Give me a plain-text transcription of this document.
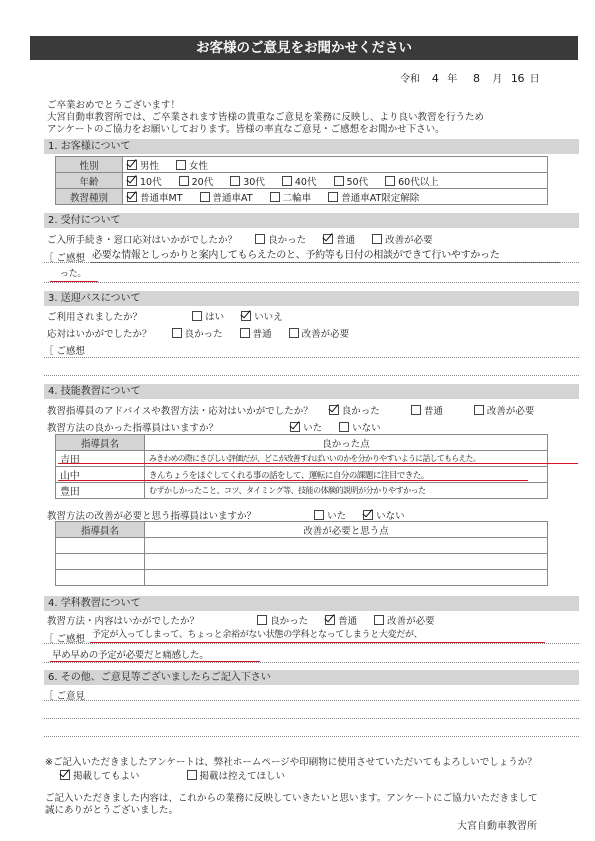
お客様のご意見をお聞かせください
令和 4 年 8 月 16 日
ご卒業おめでとうございます！
大宮自動車教習所では、ご卒業されます皆様の貴重なご意見を業務に反映し、より良い教習を行うため
アンケートのご協力をお願いしております。皆様の率直なご意見・ご感想をお聞かせ下さい。
1. お客様について
性別	男性 女性
年齢	10代 20代 30代 40代 50代 60代以上
教習種別	普通車MT 普通車AT 二輪車 普通車AT限定解除
2. 受付について
ご入所手続き・窓口応対はいかがでしたか？	良かった	普通	改善が必要
［ ご感想 必要な情報としっかりと案内してもらえたのと、予約等も日付の相談ができて行いやすかった
った。
3. 送迎バスについて
ご利用されましたか？	はい	いいえ
応対はいかがでしたか？	良かった	普通	改善が必要
［ ご感想
4. 技能教習について
教習指導員のアドバイスや教習方法・応対はいかがでしたか？	良かった	普通	改善が必要
教習方法の良かった指導員はいますか？	いた	いない
指導員名	良かった点
吉田	みきわめの際にきびしい評価だが、どこが改善すればいいのかを分かりやすいように話してもらえた。
山中	きんちょうをほぐしてくれる事の話をして、運転に自分の課題に注目できた。
豊田	むずかしかったこと、コツ、タイミング等、技能の体験的説明が分かりやすかった
教習方法の改善が必要と思う指導員はいますか？	いた	いない
指導員名	改善が必要と思う点

4. 学科教習について
教習方法・内容はいかがでしたか？	良かった	普通	改善が必要
［ ご感想 予定が入ってしまって、ちょっと余裕がない状態の学科となってしまうと大変だが、
早め早めの予定が必要だと痛感した。
6. その他、ご意見等ございましたらご記入下さい
［ ご意見
※ご記入いただきましたアンケートは、弊社ホームページや印刷物に使用させていただいてもよろしいでしょうか？
掲載してもよい	掲載は控えてほしい
ご記入いただきました内容は、これからの業務に反映していきたいと思います。アンケートにご協力いただきまして
誠にありがとうございました。
大宮自動車教習所
